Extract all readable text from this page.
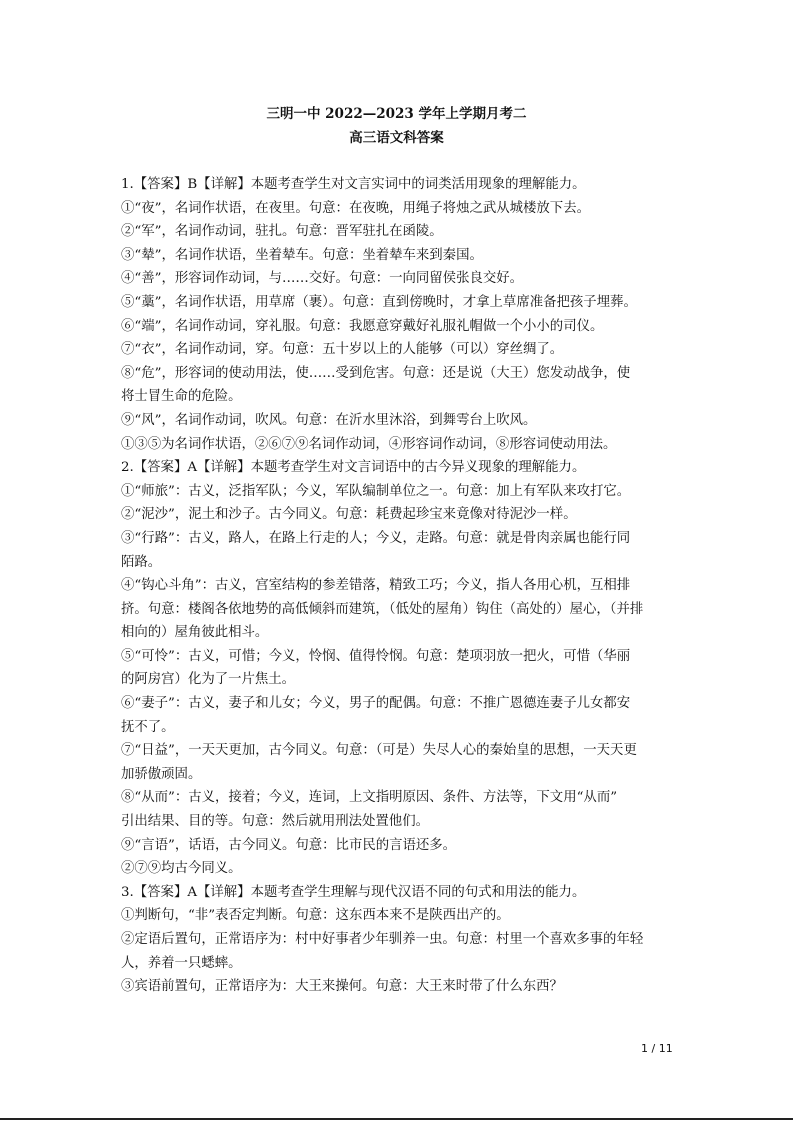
三明一中 2022—2023 学年上学期月考二
高三语文科答案
1.【答案】B【详解】本题考查学生对文言实词中的词类活用现象的理解能力。
①“夜”，名词作状语，在夜里。句意：在夜晚，用绳子将烛之武从城楼放下去。
②“军”，名词作动词，驻扎。句意：晋军驻扎在函陵。
③“辇”，名词作状语，坐着辇车。句意：坐着辇车来到秦国。
④“善”，形容词作动词，与……交好。句意：一向同留侯张良交好。
⑤“藁”，名词作状语，用草席（裹）。句意：直到傍晚时，才拿上草席准备把孩子埋葬。
⑥“端”，名词作动词，穿礼服。句意：我愿意穿戴好礼服礼帽做一个小小的司仪。
⑦“衣”，名词作动词，穿。句意：五十岁以上的人能够（可以）穿丝绸了。
⑧“危”，形容词的使动用法，使……受到危害。句意：还是说（大王）您发动战争，使
将士冒生命的危险。
⑨“风”，名词作动词，吹风。句意：在沂水里沐浴，到舞雩台上吹风。
①③⑤为名词作状语，②⑥⑦⑨名词作动词，④形容词作动词，⑧形容词使动用法。
2.【答案】A【详解】本题考查学生对文言词语中的古今异义现象的理解能力。
①“师旅”：古义，泛指军队；今义，军队编制单位之一。句意：加上有军队来攻打它。
②“泥沙”，泥土和沙子。古今同义。句意：耗费起珍宝来竟像对待泥沙一样。
③“行路”：古义，路人，在路上行走的人；今义，走路。句意：就是骨肉亲属也能行同
陌路。
④“钩心斗角”：古义，宫室结构的参差错落，精致工巧；今义，指人各用心机，互相排
挤。句意：楼阁各依地势的高低倾斜而建筑，（低处的屋角）钩住（高处的）屋心，（并排
相向的）屋角彼此相斗。
⑤“可怜”：古义，可惜；今义，怜悯、值得怜悯。句意：楚项羽放一把火，可惜（华丽
的阿房宫）化为了一片焦土。
⑥“妻子”：古义，妻子和儿女；今义，男子的配偶。句意：不推广恩德连妻子儿女都安
抚不了。
⑦“日益”，一天天更加，古今同义。句意：（可是）失尽人心的秦始皇的思想，一天天更
加骄傲顽固。
⑧“从而”：古义，接着；今义，连词，上文指明原因、条件、方法等，下文用“从而”
引出结果、目的等。句意：然后就用刑法处置他们。
⑨“言语”，话语，古今同义。句意：比市民的言语还多。
②⑦⑨均古今同义。
3.【答案】A【详解】本题考查学生理解与现代汉语不同的句式和用法的能力。
①判断句，“非”表否定判断。句意：这东西本来不是陕西出产的。
②定语后置句，正常语序为：村中好事者少年驯养一虫。句意：村里一个喜欢多事的年轻
人，养着一只蟋蟀。
③宾语前置句，正常语序为：大王来操何。句意：大王来时带了什么东西？
1 / 11
